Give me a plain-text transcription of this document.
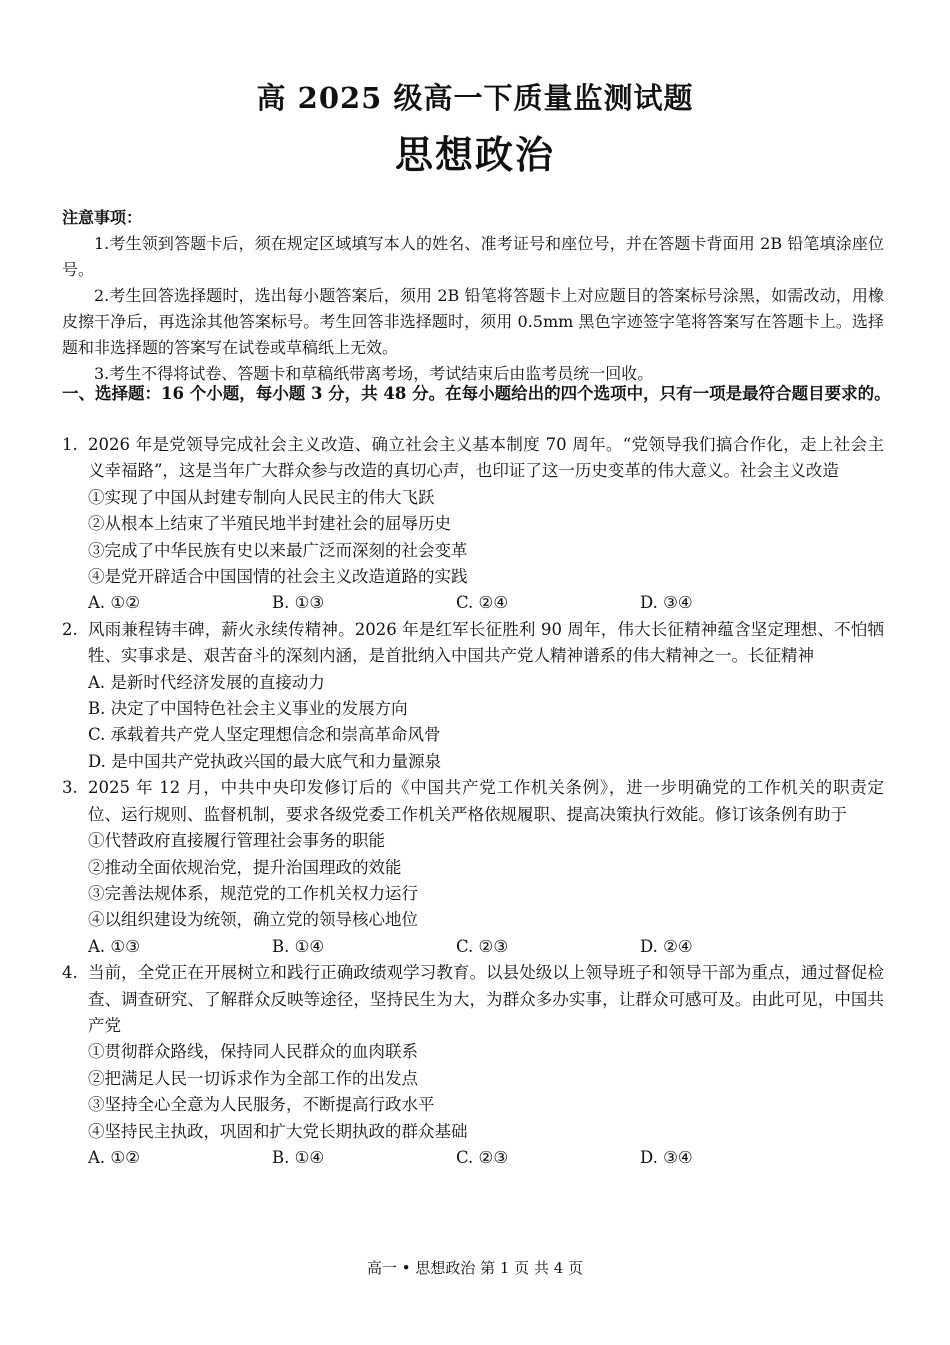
高 2025 级高一下质量监测试题
思想政治
注意事项：
1.考生领到答题卡后，须在规定区域填写本人的姓名、准考证号和座位号，并在答题卡背面用 2B 铅笔填涂座位号。
2.考生回答选择题时，选出每小题答案后，须用 2B 铅笔将答题卡上对应题目的答案标号涂黑，如需改动，用橡皮擦干净后，再选涂其他答案标号。考生回答非选择题时，须用 0.5mm 黑色字迹签字笔将答案写在答题卡上。选择题和非选择题的答案写在试卷或草稿纸上无效。
3.考生不得将试卷、答题卡和草稿纸带离考场，考试结束后由监考员统一回收。
一、选择题：16 个小题，每小题 3 分，共 48 分。在每小题给出的四个选项中，只有一项是最符合题目要求的。
1. 2026 年是党领导完成社会主义改造、确立社会主义基本制度 70 周年。“党领导我们搞合作化，走上社会主义幸福路”，这是当年广大群众参与改造的真切心声，也印证了这一历史变革的伟大意义。社会主义改造
①实现了中国从封建专制向人民民主的伟大飞跃
②从根本上结束了半殖民地半封建社会的屈辱历史
③完成了中华民族有史以来最广泛而深刻的社会变革
④是党开辟适合中国国情的社会主义改造道路的实践
A. ①②	B. ①③	C. ②④	D. ③④
2. 风雨兼程铸丰碑，薪火永续传精神。2026 年是红军长征胜利 90 周年，伟大长征精神蕴含坚定理想、不怕牺牲、实事求是、艰苦奋斗的深刻内涵，是首批纳入中国共产党人精神谱系的伟大精神之一。长征精神
A. 是新时代经济发展的直接动力
B. 决定了中国特色社会主义事业的发展方向
C. 承载着共产党人坚定理想信念和崇高革命风骨
D. 是中国共产党执政兴国的最大底气和力量源泉
3. 2025 年 12 月，中共中央印发修订后的《中国共产党工作机关条例》，进一步明确党的工作机关的职责定位、运行规则、监督机制，要求各级党委工作机关严格依规履职、提高决策执行效能。修订该条例有助于
①代替政府直接履行管理社会事务的职能
②推动全面依规治党，提升治国理政的效能
③完善法规体系，规范党的工作机关权力运行
④以组织建设为统领，确立党的领导核心地位
A. ①③	B. ①④	C. ②③	D. ②④
4. 当前，全党正在开展树立和践行正确政绩观学习教育。以县处级以上领导班子和领导干部为重点，通过督促检查、调查研究、了解群众反映等途径，坚持民生为大，为群众多办实事，让群众可感可及。由此可见，中国共产党
①贯彻群众路线，保持同人民群众的血肉联系
②把满足人民一切诉求作为全部工作的出发点
③坚持全心全意为人民服务，不断提高行政水平
④坚持民主执政，巩固和扩大党长期执政的群众基础
A. ①②	B. ①④	C. ②③	D. ③④
高一 • 思想政治 第 1 页 共 4 页
